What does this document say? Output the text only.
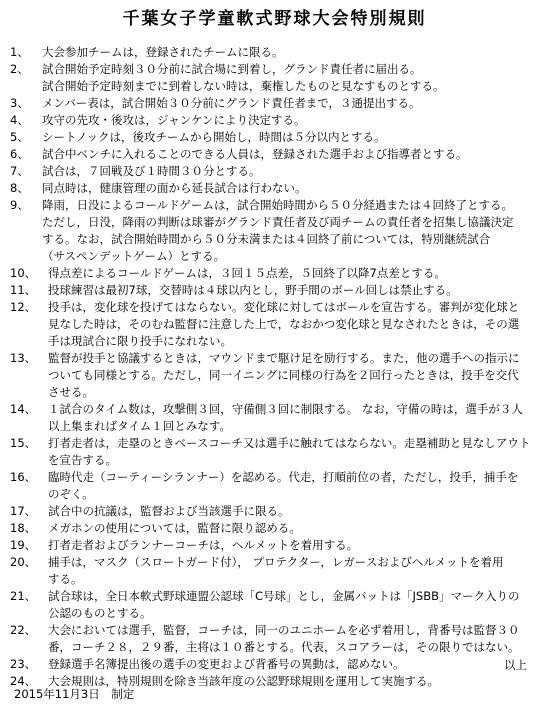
千葉女子学童軟式野球大会特別規則
1、	大会参加チームは，登録されたチームに限る。
2、	試合開始予定時刻３０分前に試合場に到着し，グランド責任者に届出る。
試合開始予定時刻までに到着しない時は，棄権したものと見なすものとする。
3、	メンバー表は，試合開始３０分前にグランド責任者まで，３通提出する。
4、	攻守の先攻・後攻は，ジャンケンにより決定する。
5、	シートノックは，後攻チームから開始し，時間は５分以内とする。
6、	試合中ベンチに入れることのできる人員は，登録された選手および指導者とする。
7、	試合は，７回戦及び１時間３０分とする。
8、	同点時は，健康管理の面から延長試合は行わない。
9、	降雨，日没によるコールドゲームは，試合開始時間から５０分経過または４回終了とする。
ただし，日没，降雨の判断は球審がグランド責任者及び両チームの責任者を招集し協議決定
する。なお，試合開始時間から５０分未満または４回終了前については，特別継続試合
（サスペンデットゲーム）とする。
10、	得点差によるコールドゲームは，３回１５点差，５回終了以降7点差とする。
11、	投球練習は最初7球，交替時は４球以内とし，野手間のボール回しは禁止する。
12、	投手は，変化球を投げてはならない。変化球に対してはボールを宣告する。審判が変化球と
見なした時は，そのむね監督に注意した上で，なおかつ変化球と見なされたときは，その選
手は現試合に限り投手になれない。
13、	監督が投手と協議するときは，マウンドまで駆け足を励行する。また，他の選手への指示に
ついても同様とする。ただし，同一イニングに同様の行為を２回行ったときは，投手を交代
させる。
14、	１試合のタイム数は，攻撃側３回，守備側３回に制限する。 なお，守備の時は，選手が３人
以上集まればタイム１回とみなす。
15、	打者走者は，走塁のときベースコーチ又は選手に触れてはならない。走塁補助と見なしアウト
を宣告する。
16、	臨時代走（コーティーシランナー）を認める。代走，打順前位の者，ただし，投手，捕手を
のぞく。
17、	試合中の抗議は，監督および当該選手に限る。
18、	メガホンの使用については，監督に限り認める。
19、	打者走者およびランナーコーチは，ヘルメットを着用する。
20、	捕手は，マスク（スロートガード付）， プロテクター，レガースおよびヘルメットを着用
する。
21、	試合球は，全日本軟式野球連盟公認球「C号球」とし，金属バットは「JSBB」マーク入りの
公認のものとする。
22、	大会においては選手，監督，コーチは，同一のユニホームを必ず着用し，背番号は監督３０
番，コーチ２８，２９番，主将は１０番とする。代表，スコアラーは，その限りではない。
23、	登録選手名簿提出後の選手の変更および背番号の異動は，認めない。
24、	大会規則は，特別規則を除き当該年度の公認野球規則を運用して実施する。
以上
2015年11月3日　制定
